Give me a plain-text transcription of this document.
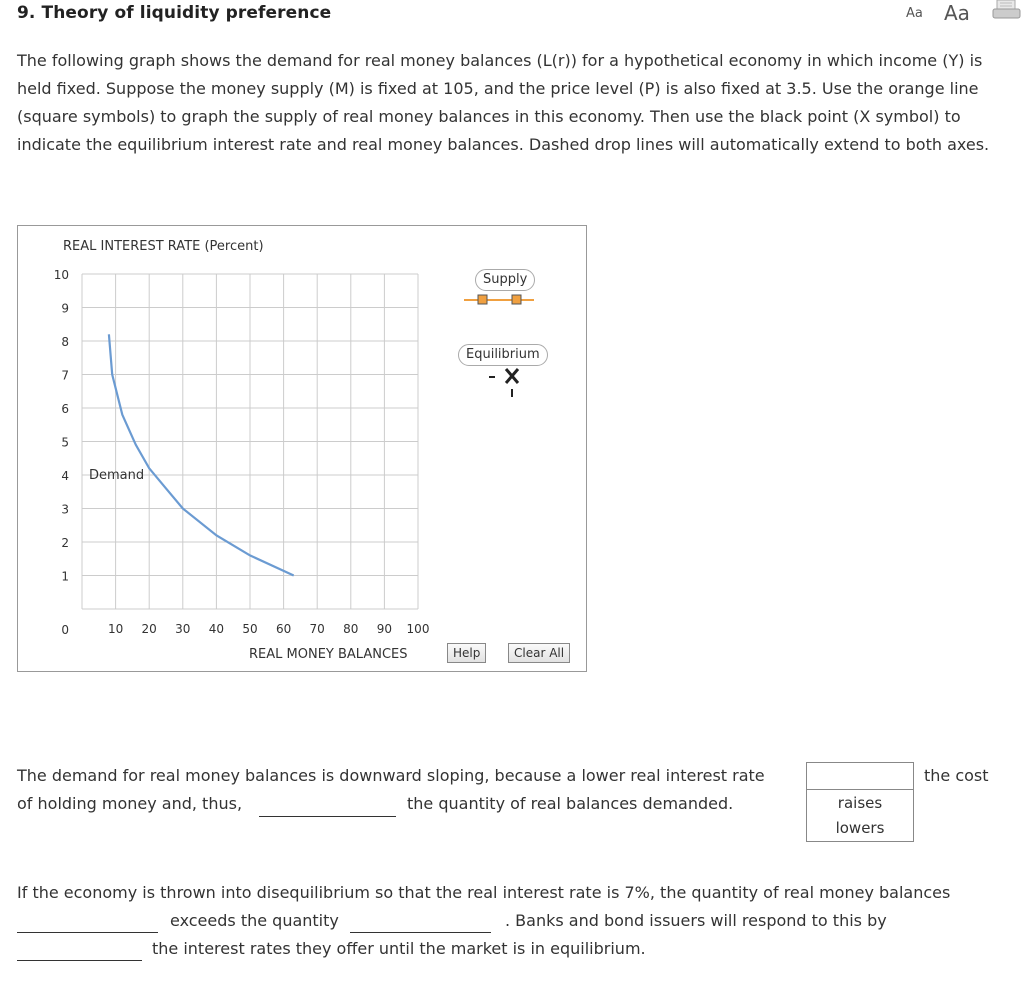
9. Theory of liquidity preference	Aa Aa
The following graph shows the demand for real money balances (L(r)) for a hypothetical economy in which income (Y) is held fixed. Suppose the money supply (M) is fixed at 105, and the price level (P) is also fixed at 3.5. Use the orange line (square symbols) to graph the supply of real money balances in this economy. Then use the black point (X symbol) to indicate the equilibrium interest rate and real money balances. Dashed drop lines will automatically extend to both axes.
REAL INTEREST RATE (Percent)
10
9
8
7
6
5
4
3
2
1
0	10 20 30 40 50 60 70 80 90 100
REAL MONEY BALANCES
Demand
Supply
Equilibrium
Help	Clear All
The demand for real money balances is downward sloping, because a lower real interest rate
raises
lowers
the cost
of holding money and, thus,	the quantity of real balances demanded.
If the economy is thrown into disequilibrium so that the real interest rate is 7%, the quantity of real money balances
exceeds the quantity	. Banks and bond issuers will respond to this by
the interest rates they offer until the market is in equilibrium.
